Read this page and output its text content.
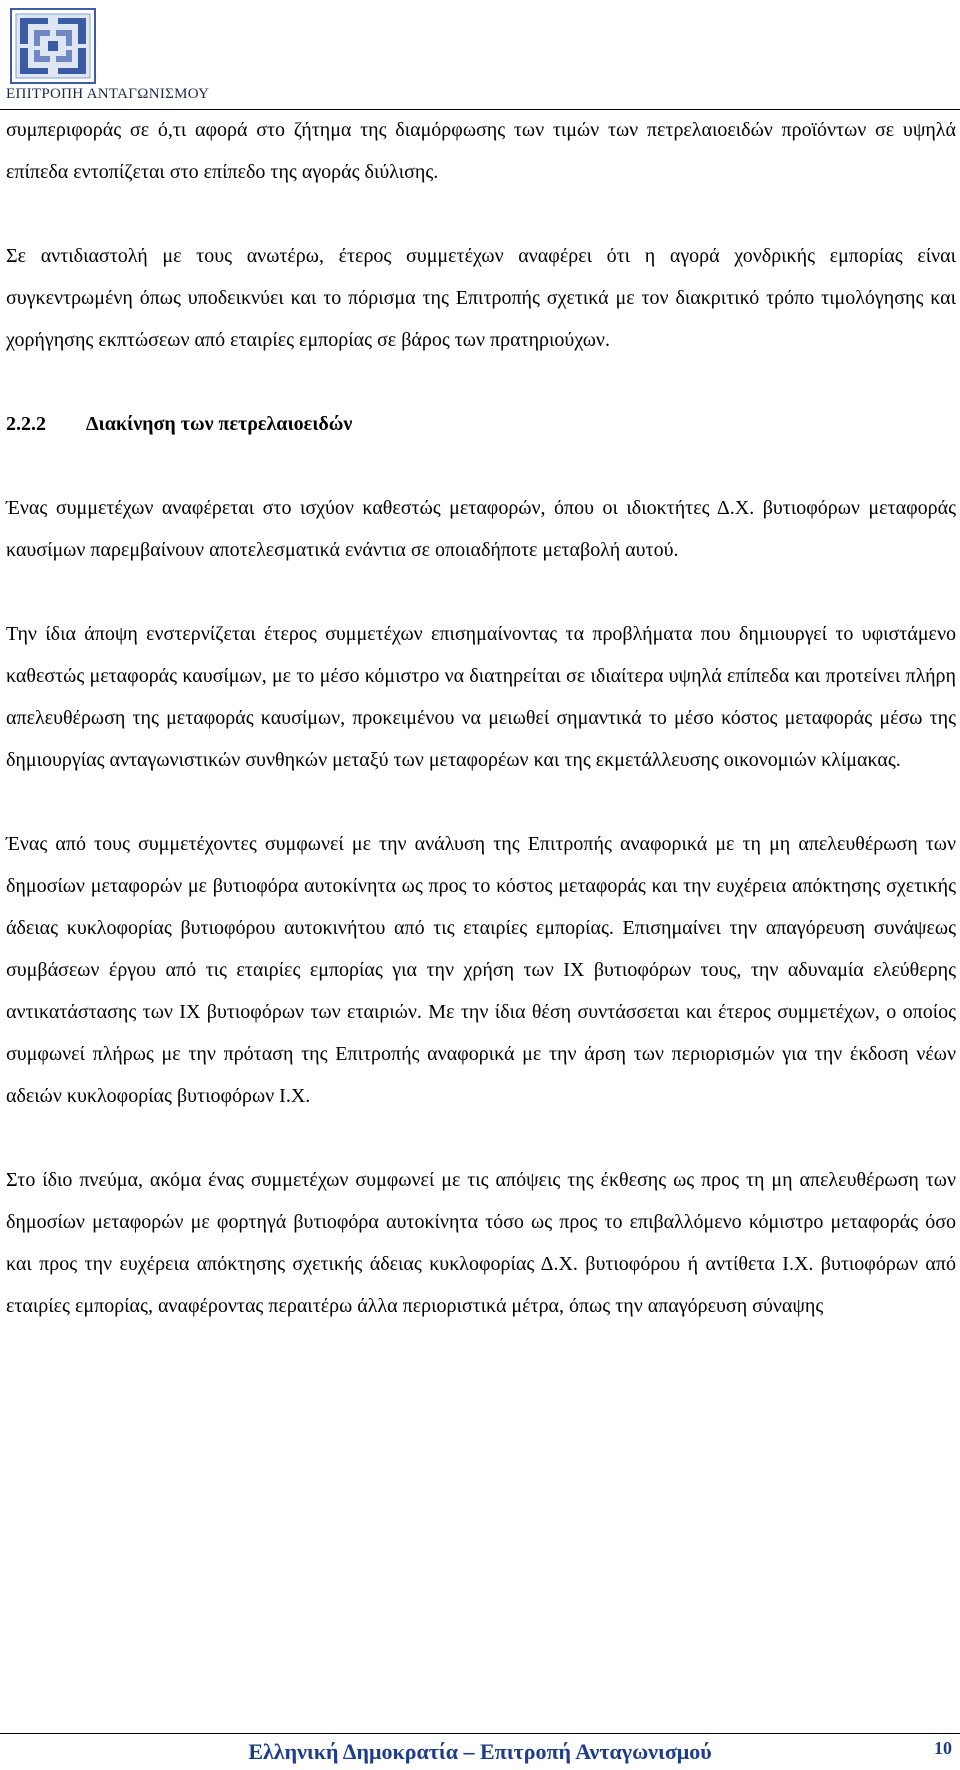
ΕΠΙΤΡΟΠΗ ΑΝΤΑΓΩΝΙΣΜΟΥ

συμπεριφοράς σε ό,τι αφορά στο ζήτημα της διαμόρφωσης των τιμών των πετρελαιοειδών προϊόντων σε υψηλά επίπεδα εντοπίζεται στο επίπεδο της αγοράς διύλισης.

Σε αντιδιαστολή με τους ανωτέρω, έτερος συμμετέχων αναφέρει ότι η αγορά χονδρικής εμπορίας είναι συγκεντρωμένη όπως υποδεικνύει και το πόρισμα της Επιτροπής σχετικά με τον διακριτικό τρόπο τιμολόγησης και χορήγησης εκπτώσεων από εταιρίες εμπορίας σε βάρος των πρατηριούχων.

2.2.2 Διακίνηση των πετρελαιοειδών

Ένας συμμετέχων αναφέρεται στο ισχύον καθεστώς μεταφορών, όπου οι ιδιοκτήτες Δ.Χ. βυτιοφόρων μεταφοράς καυσίμων παρεμβαίνουν αποτελεσματικά ενάντια σε οποιαδήποτε μεταβολή αυτού.

Την ίδια άποψη ενστερνίζεται έτερος συμμετέχων επισημαίνοντας τα προβλήματα που δημιουργεί το υφιστάμενο καθεστώς μεταφοράς καυσίμων, με το μέσο κόμιστρο να διατηρείται σε ιδιαίτερα υψηλά επίπεδα και προτείνει πλήρη απελευθέρωση της μεταφοράς καυσίμων, προκειμένου να μειωθεί σημαντικά το μέσο κόστος μεταφοράς μέσω της δημιουργίας ανταγωνιστικών συνθηκών μεταξύ των μεταφορέων και της εκμετάλλευσης οικονομιών κλίμακας.

Ένας από τους συμμετέχοντες συμφωνεί με την ανάλυση της Επιτροπής αναφορικά με τη μη απελευθέρωση των δημοσίων μεταφορών με βυτιοφόρα αυτοκίνητα ως προς το κόστος μεταφοράς και την ευχέρεια απόκτησης σχετικής άδειας κυκλοφορίας βυτιοφόρου αυτοκινήτου από τις εταιρίες εμπορίας. Επισημαίνει την απαγόρευση συνάψεως συμβάσεων έργου από τις εταιρίες εμπορίας για την χρήση των ΙΧ βυτιοφόρων τους, την αδυναμία ελεύθερης αντικατάστασης των ΙΧ βυτιοφόρων των εταιριών. Με την ίδια θέση συντάσσεται και έτερος συμμετέχων, ο οποίος συμφωνεί πλήρως με την πρόταση της Επιτροπής αναφορικά με την άρση των περιορισμών για την έκδοση νέων αδειών κυκλοφορίας βυτιοφόρων Ι.Χ.

Στο ίδιο πνεύμα, ακόμα ένας συμμετέχων συμφωνεί με τις απόψεις της έκθεσης ως προς τη μη απελευθέρωση των δημοσίων μεταφορών με φορτηγά βυτιοφόρα αυτοκίνητα τόσο ως προς το επιβαλλόμενο κόμιστρο μεταφοράς όσο και προς την ευχέρεια απόκτησης σχετικής άδειας κυκλοφορίας Δ.Χ. βυτιοφόρου ή αντίθετα Ι.Χ. βυτιοφόρων από εταιρίες εμπορίας, αναφέροντας περαιτέρω άλλα περιοριστικά μέτρα, όπως την απαγόρευση σύναψης

Ελληνική Δημοκρατία – Επιτροπή Ανταγωνισμού	10
